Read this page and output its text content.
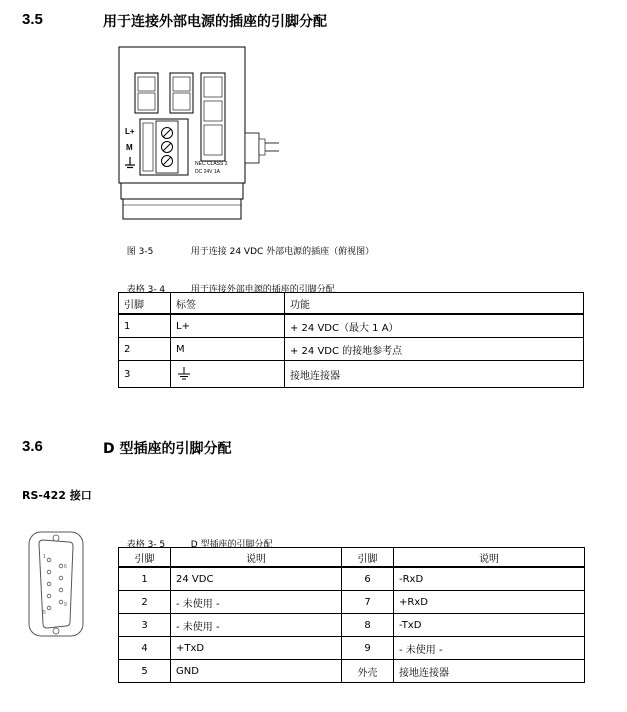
3.5	用于连接外部电源的插座的引脚分配
L+
M
NEC CLASS 2
DC 24V 1A

图 3-5	用于连接 24 VDC 外部电源的插座（俯视图）

表格 3- 4	用于连接外部电源的插座的引脚分配

引脚	标签	功能
1	L+	+ 24 VDC（最大 1 A）
2	M	+ 24 VDC 的接地参考点
3		接地连接器
3.6	D 型插座的引脚分配
RS-422 接口
1
5
6
9

表格 3- 5	D 型插座的引脚分配

引脚	说明	引脚	说明
1	24 VDC	6	-RxD
2	- 未使用 -	7	+RxD
3	- 未使用 -	8	-TxD
4	+TxD	9	- 未使用 -
5	GND	外壳	接地连接器
